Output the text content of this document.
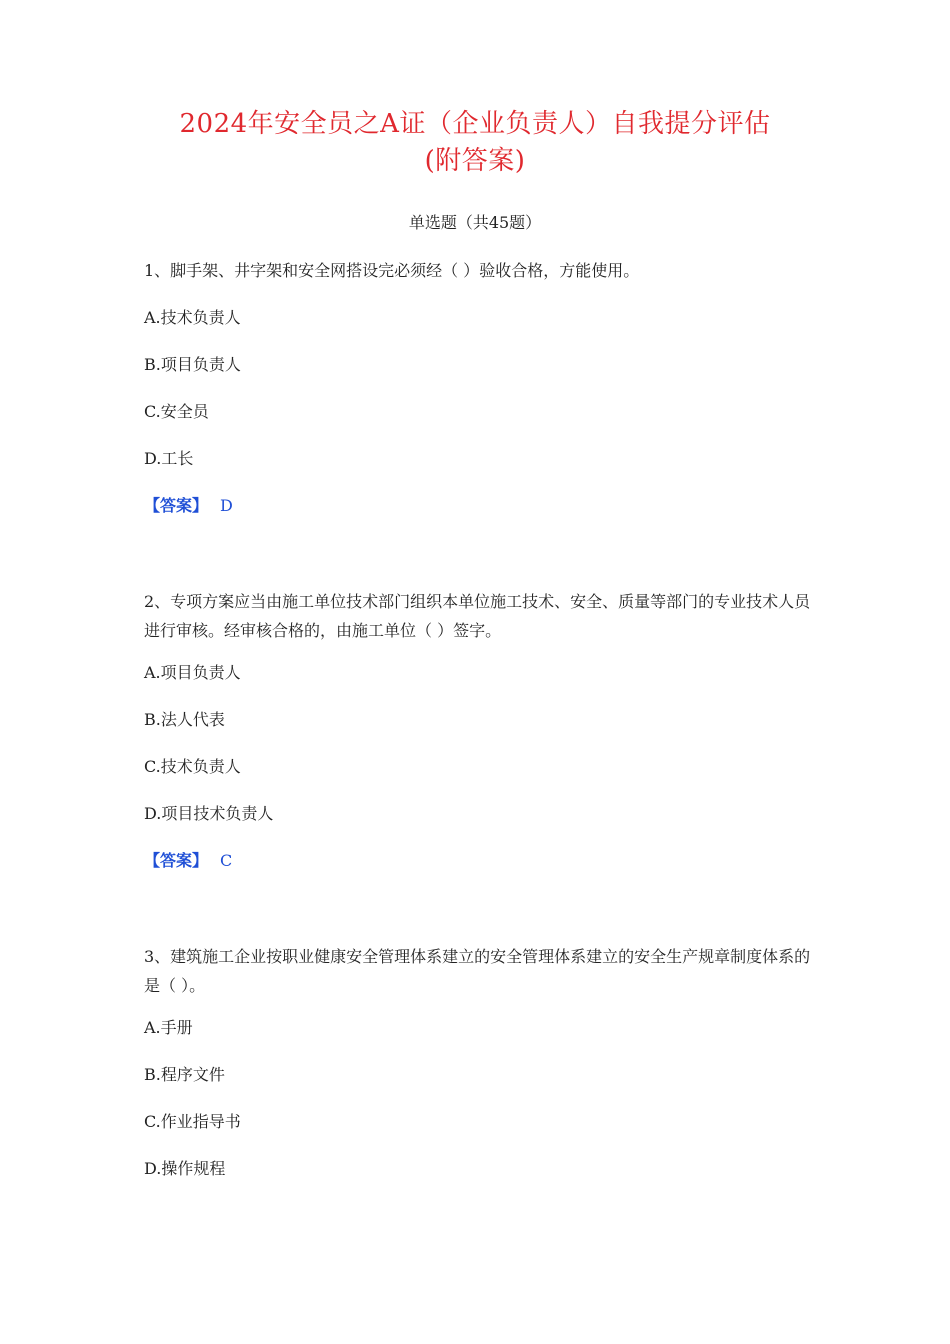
2024年安全员之A证（企业负责人）自我提分评估
(附答案)
单选题（共45题）

1、脚手架、井字架和安全网搭设完必须经（ ）验收合格，方能使用。

A.技术负责人
B.项目负责人
C.安全员
D.工长
【答案】 D

2、专项方案应当由施工单位技术部门组织本单位施工技术、安全、质量等部门的专业技术人员进行审核。经审核合格的，由施工单位（ ）签字。

A.项目负责人
B.法人代表
C.技术负责人
D.项目技术负责人
【答案】 C

3、建筑施工企业按职业健康安全管理体系建立的安全管理体系建立的安全生产规章制度体系的是（ ）。

A.手册
B.程序文件
C.作业指导书
D.操作规程
